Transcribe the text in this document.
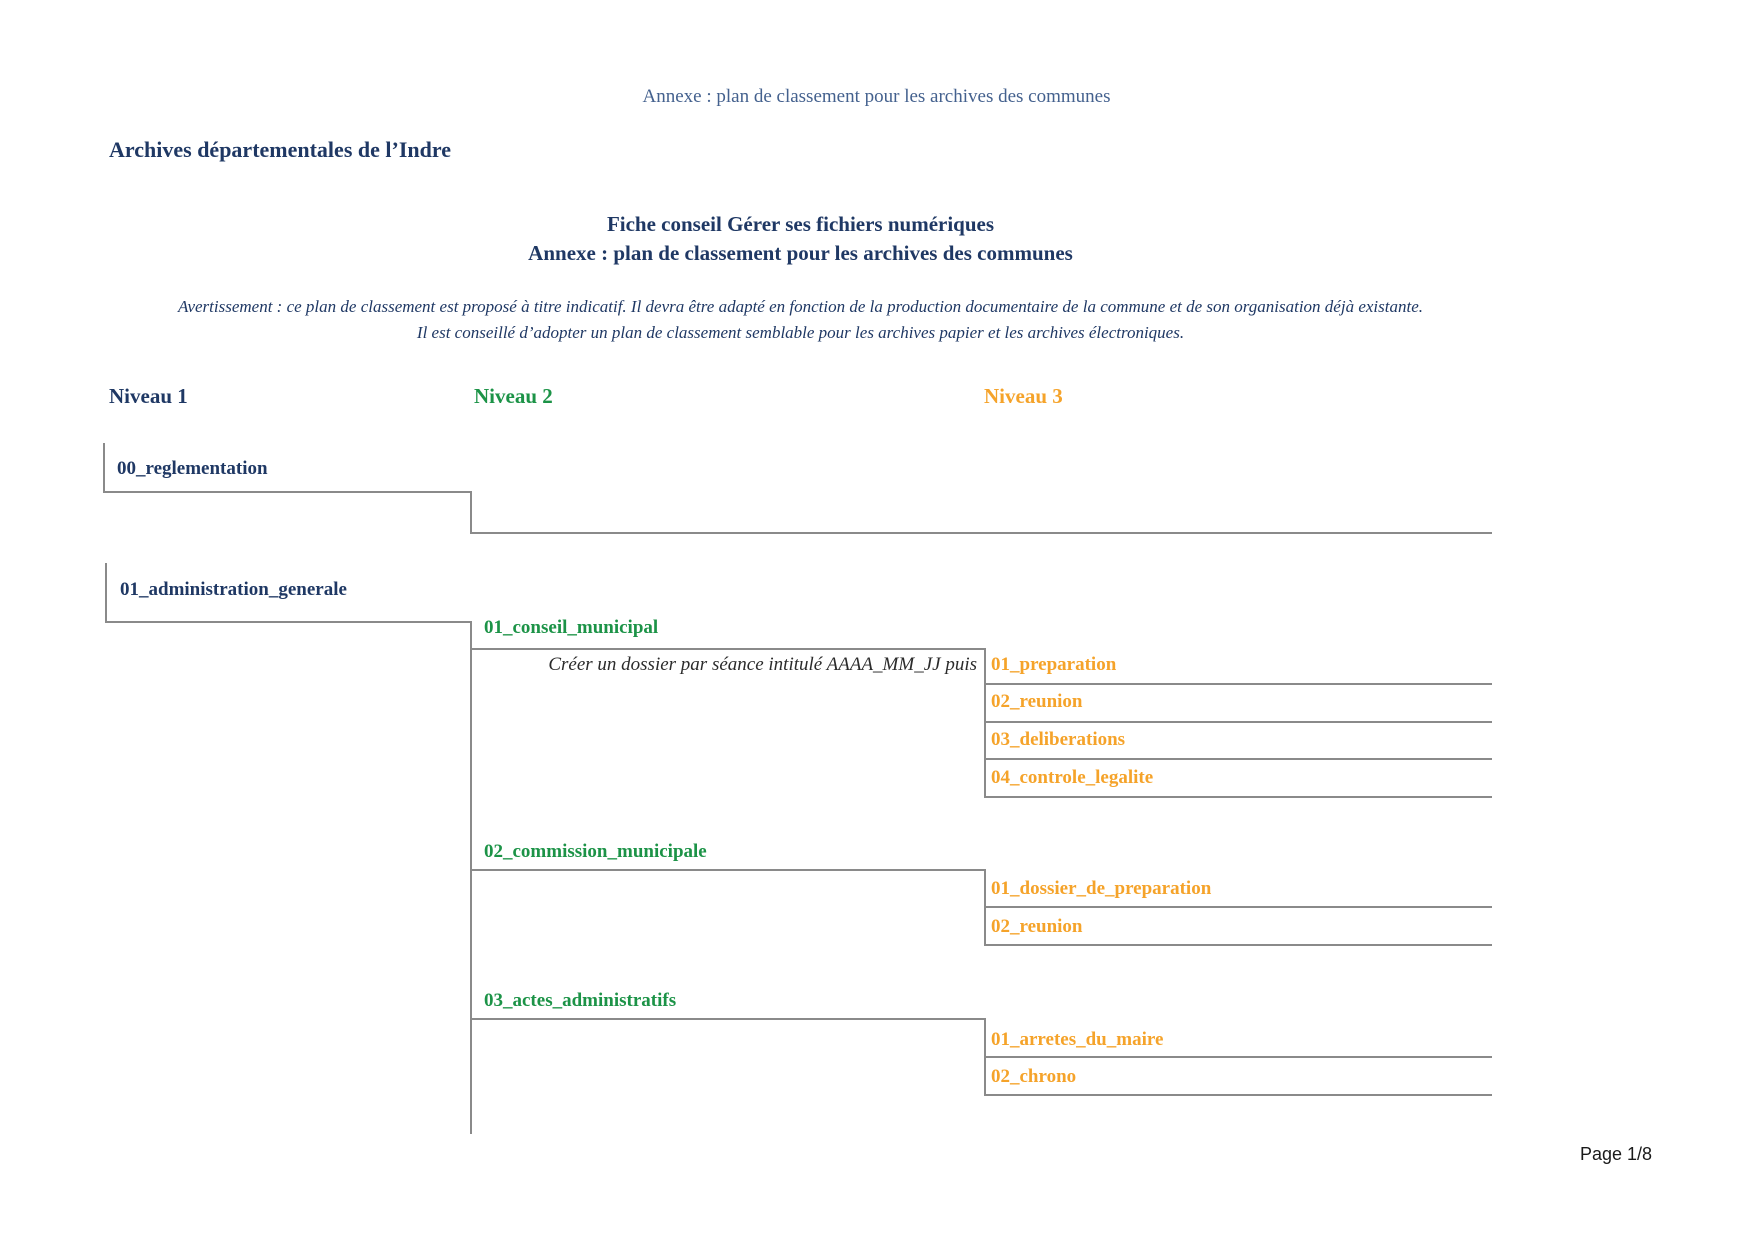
Annexe : plan de classement pour les archives des communes
Archives départementales de l’Indre
Fiche conseil Gérer ses fichiers numériques
Annexe : plan de classement pour les archives des communes
Avertissement : ce plan de classement est proposé à titre indicatif. Il devra être adapté en fonction de la production documentaire de la commune et de son organisation déjà existante.
Il est conseillé d’adopter un plan de classement semblable pour les archives papier et les archives électroniques.
Niveau 1	Niveau 2	Niveau 3
00_reglementation
01_administration_generale
01_conseil_municipal
Créer un dossier par séance intitulé AAAA_MM_JJ puis 01_preparation
02_reunion
03_deliberations
04_controle_legalite
02_commission_municipale
01_dossier_de_preparation
02_reunion
03_actes_administratifs
01_arretes_du_maire
02_chrono
Page 1/8
